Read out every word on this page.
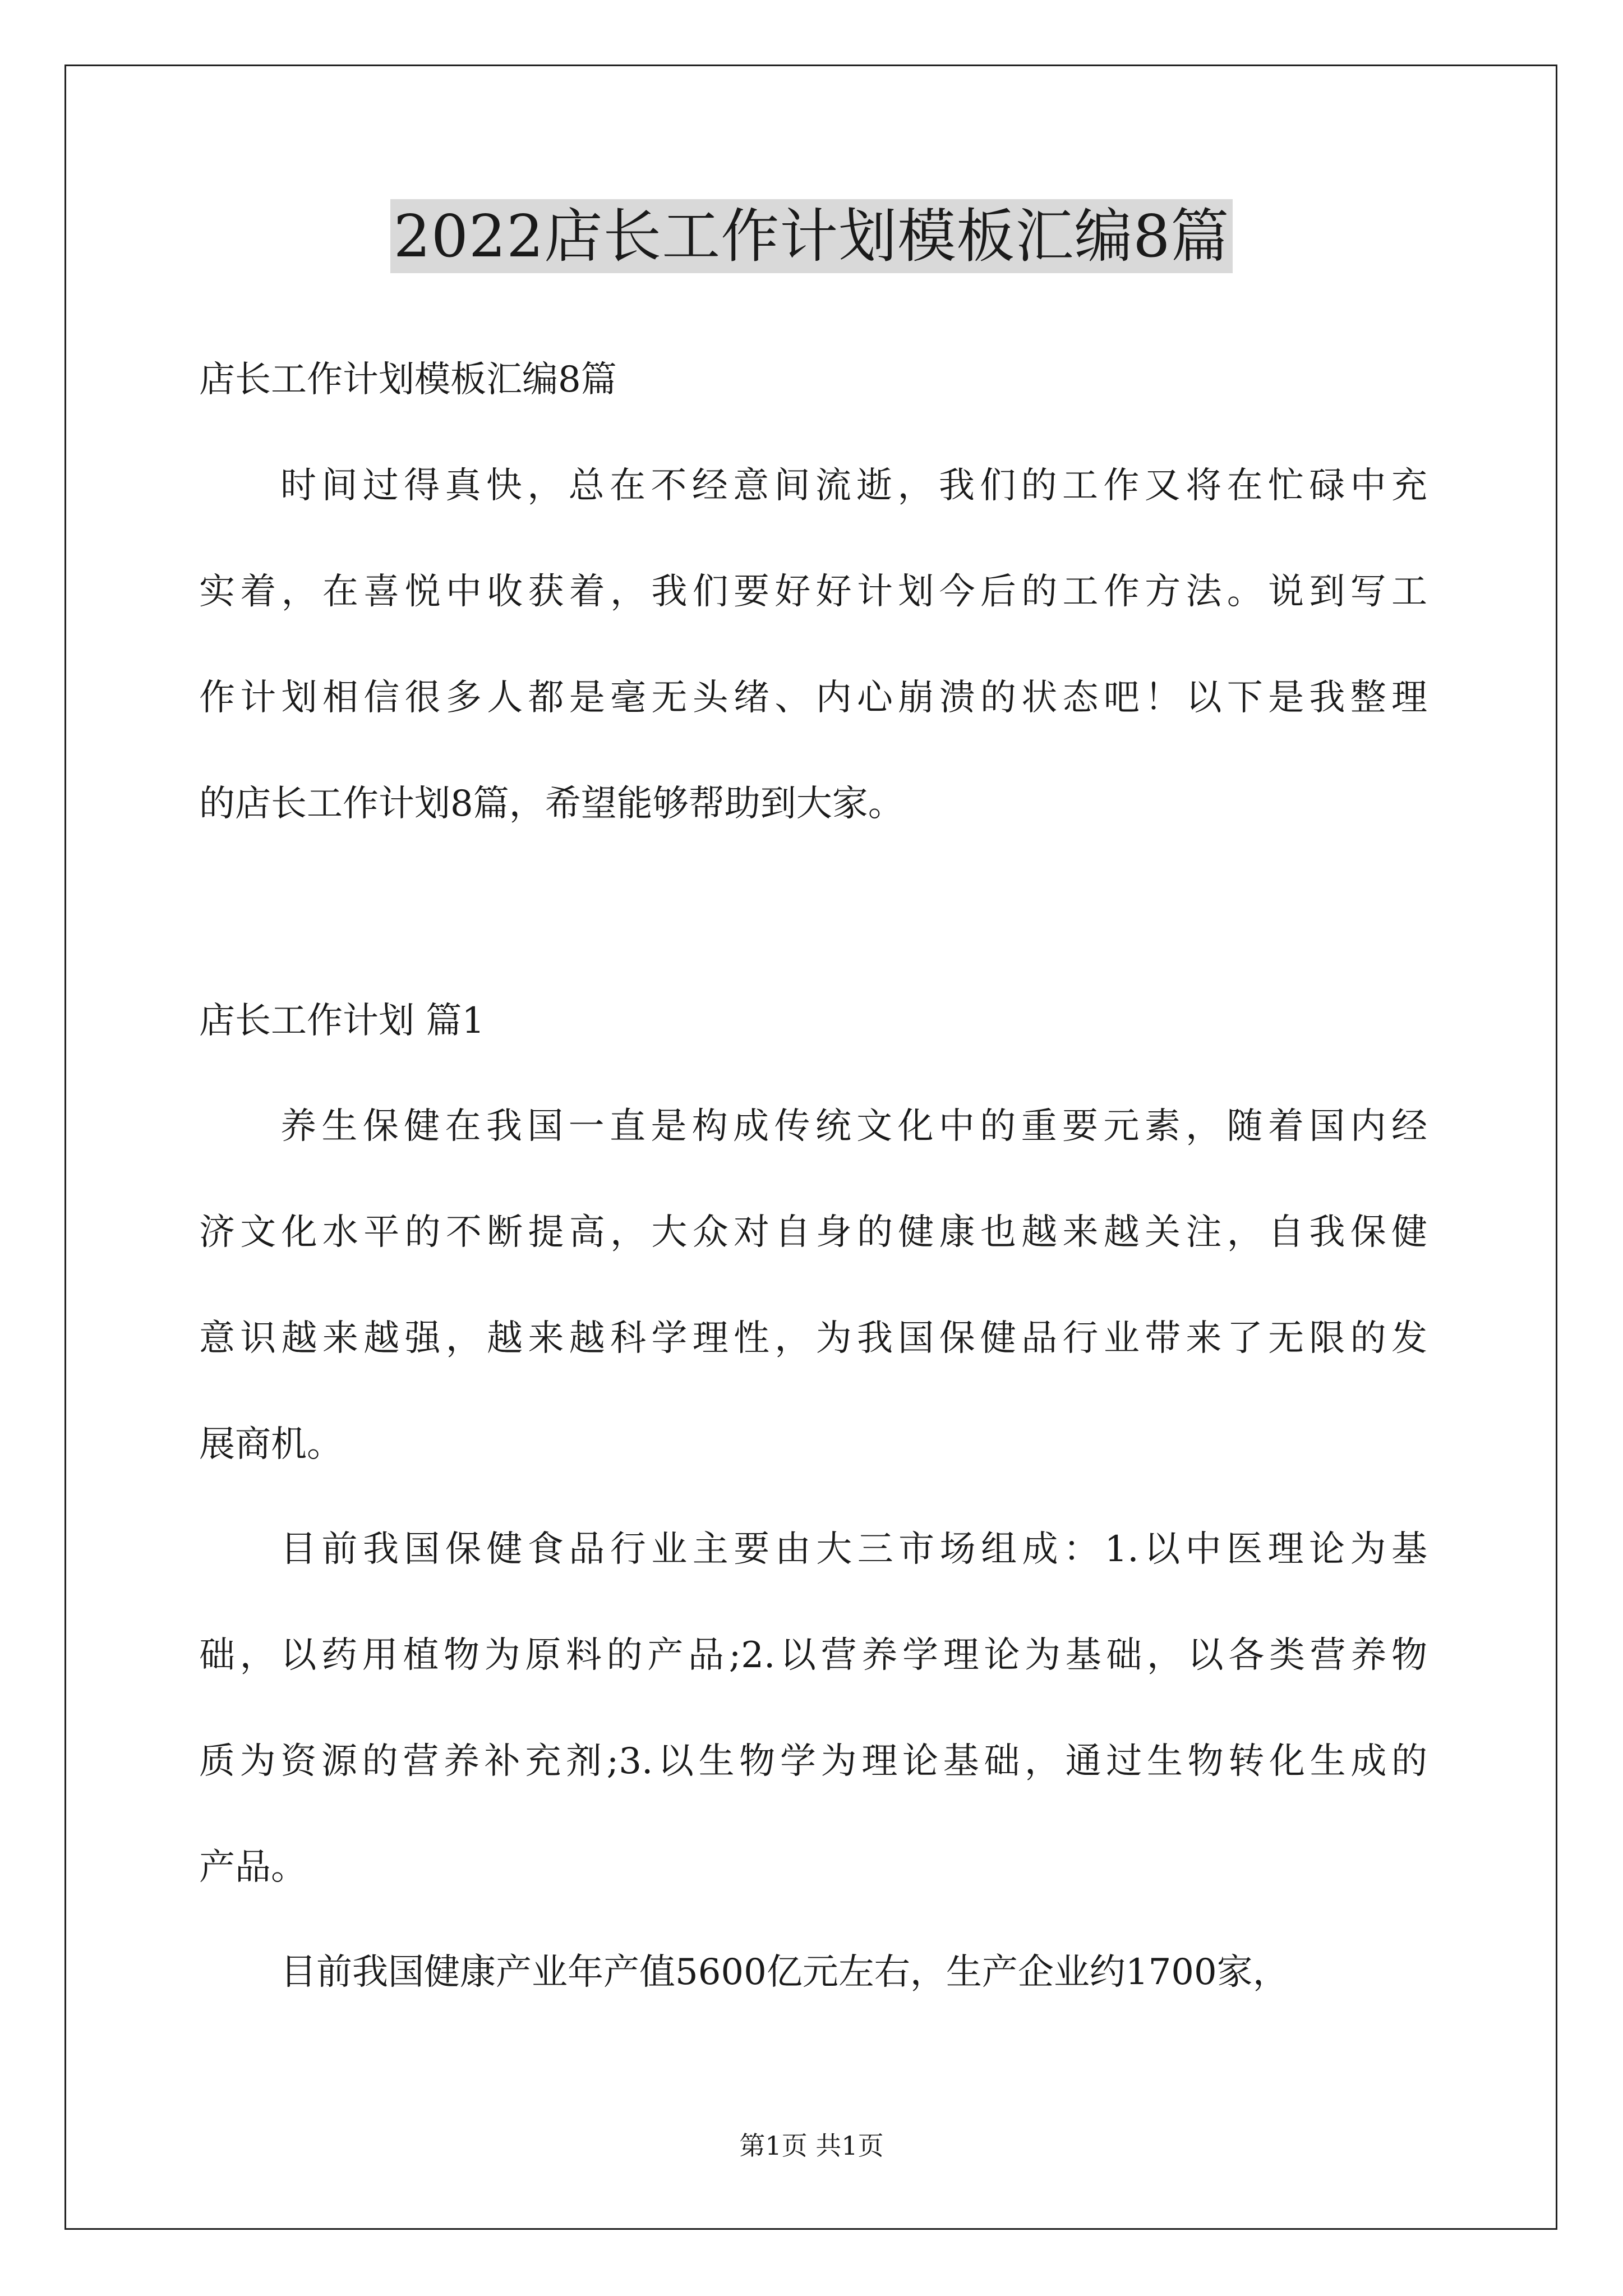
2022店长工作计划模板汇编8篇
店长工作计划模板汇编8篇
时间过得真快，总在不经意间流逝，我们的工作又将在忙碌中充
实着，在喜悦中收获着，我们要好好计划今后的工作方法。说到写工
作计划相信很多人都是毫无头绪、内心崩溃的状态吧！以下是我整理
的店长工作计划8篇，希望能够帮助到大家。
店长工作计划 篇1
养生保健在我国一直是构成传统文化中的重要元素，随着国内经
济文化水平的不断提高，大众对自身的健康也越来越关注，自我保健
意识越来越强，越来越科学理性，为我国保健品行业带来了无限的发
展商机。
目前我国保健食品行业主要由大三市场组成：1.以中医理论为基
础，以药用植物为原料的产品;2.以营养学理论为基础，以各类营养物
质为资源的营养补充剂;3.以生物学为理论基础，通过生物转化生成的
产品。
目前我国健康产业年产值5600亿元左右，生产企业约1700家，
第1页 共1页
